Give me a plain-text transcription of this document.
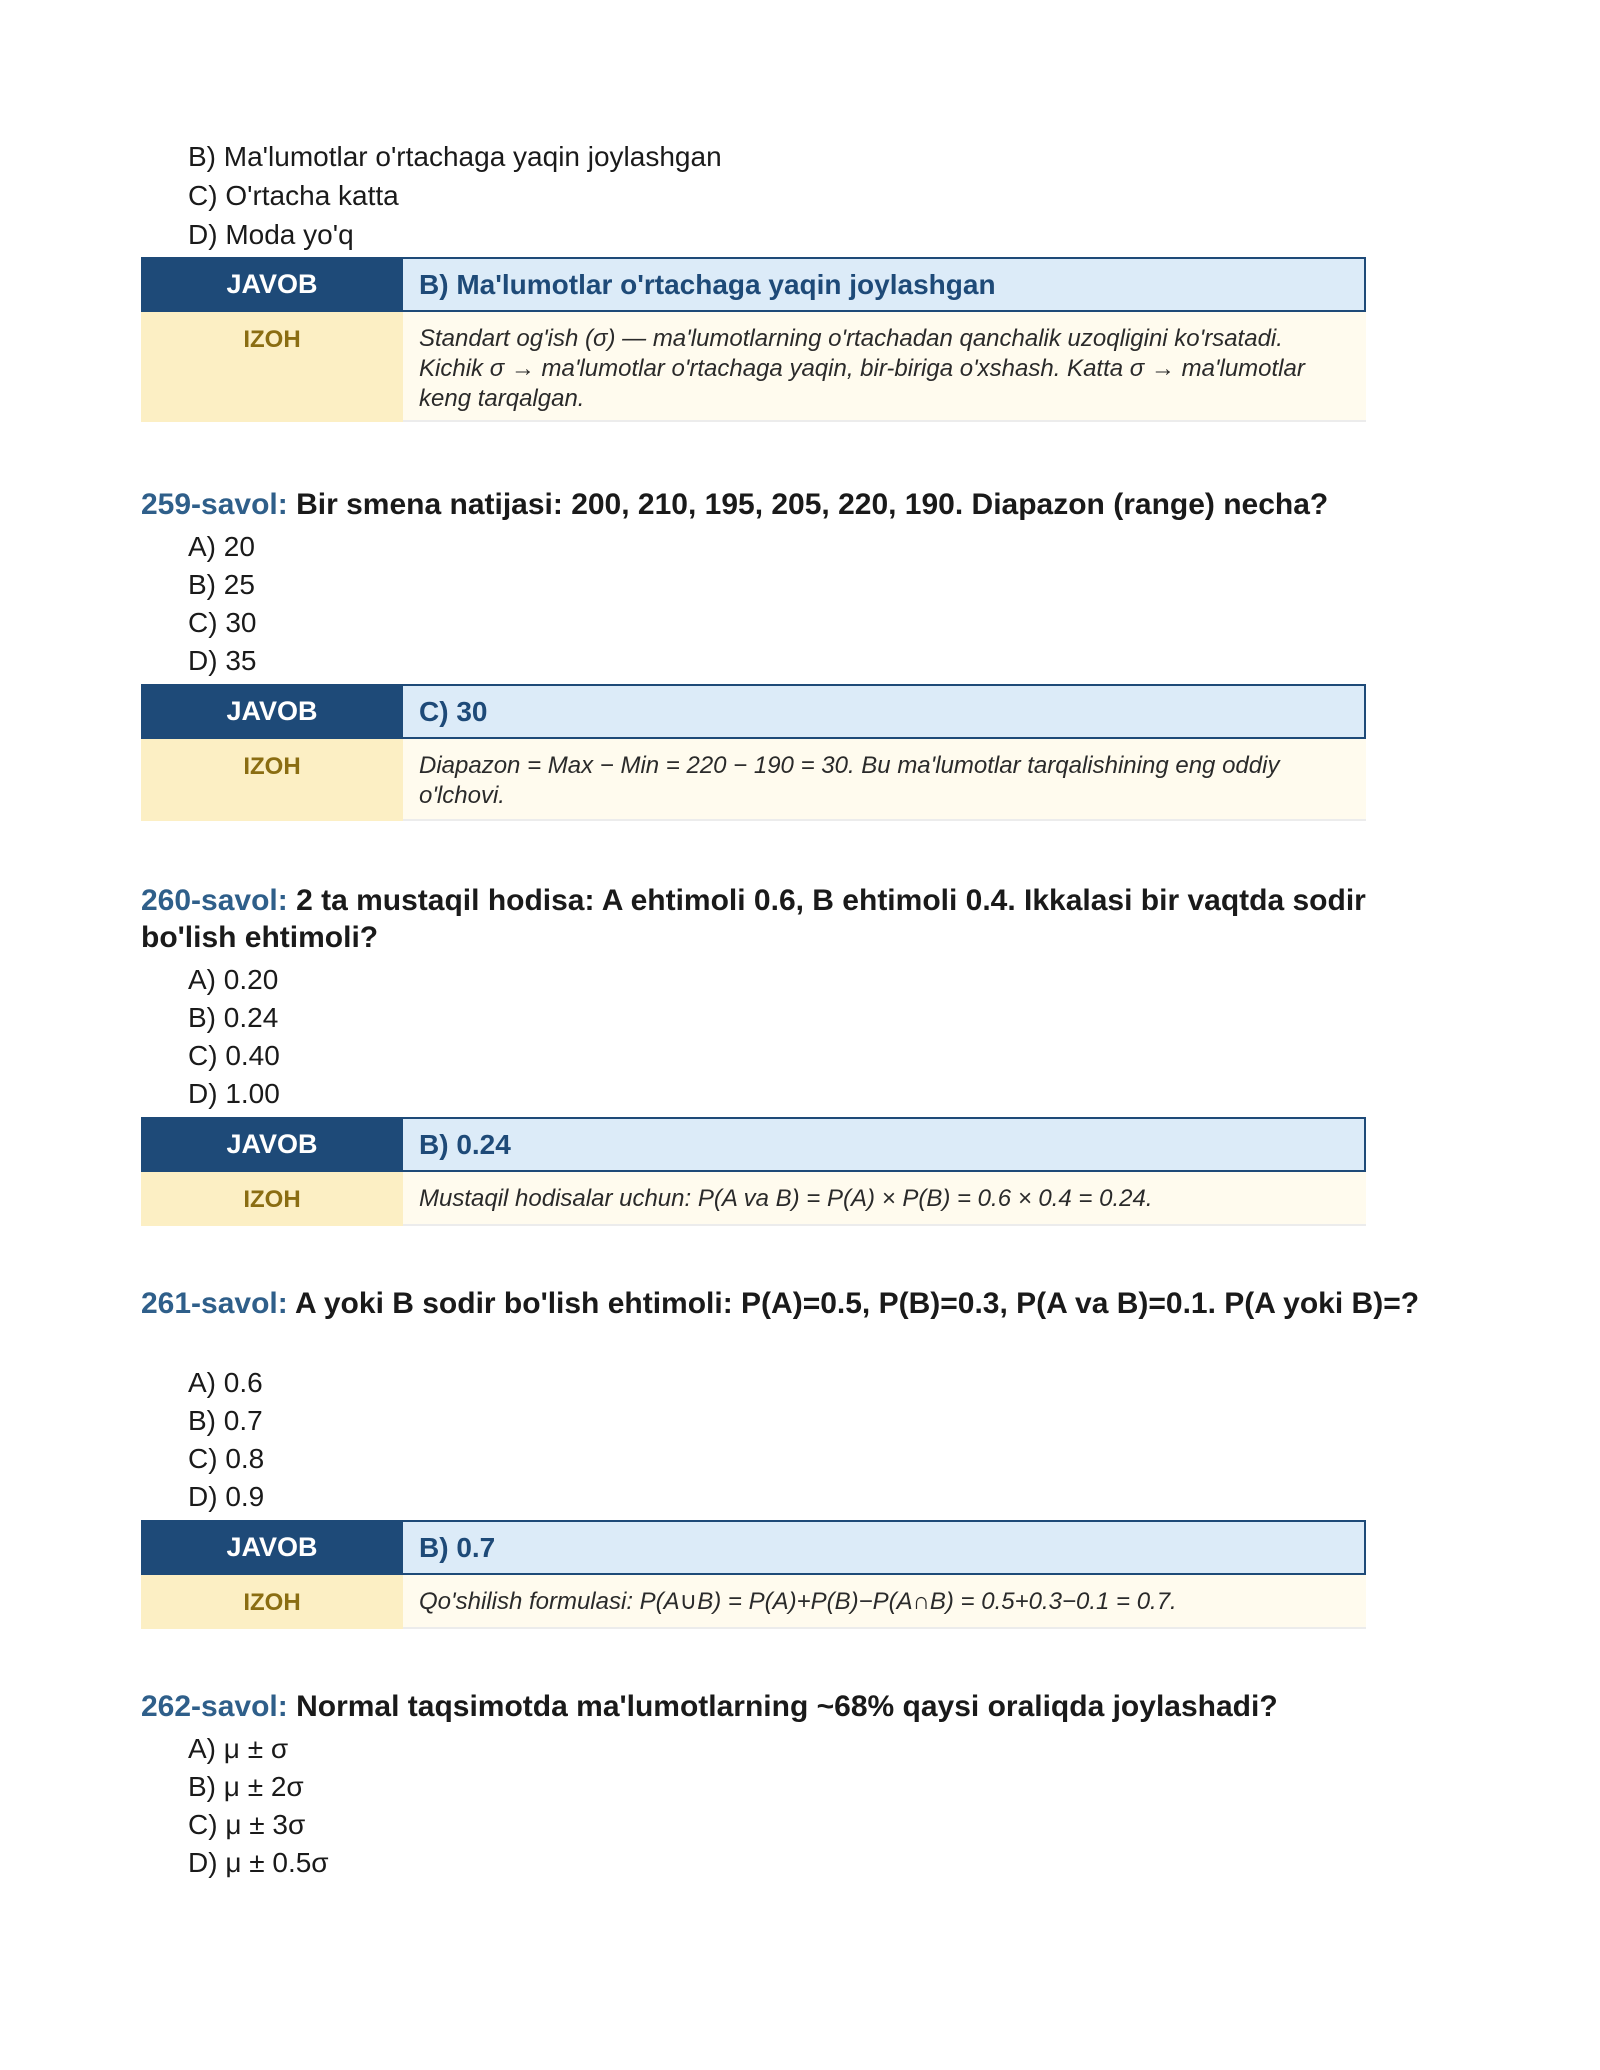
B) Ma'lumotlar o'rtachaga yaqin joylashgan
C) O'rtacha katta
D) Moda yo'q
JAVOB	B) Ma'lumotlar o'rtachaga yaqin joylashgan
IZOH	Standart og'ish (σ) — ma'lumotlarning o'rtachadan qanchalik uzoqligini ko'rsatadi. Kichik σ → ma'lumotlar o'rtachaga yaqin, bir-biriga o'xshash. Katta σ → ma'lumotlar keng tarqalgan.
259-savol: Bir smena natijasi: 200, 210, 195, 205, 220, 190. Diapazon (range) necha?
A) 20
B) 25
C) 30
D) 35
JAVOB	C) 30
IZOH	Diapazon = Max − Min = 220 − 190 = 30. Bu ma'lumotlar tarqalishining eng oddiy o'lchovi.
260-savol: 2 ta mustaqil hodisa: A ehtimoli 0.6, B ehtimoli 0.4. Ikkalasi bir vaqtda sodir bo'lish ehtimoli?
A) 0.20
B) 0.24
C) 0.40
D) 1.00
JAVOB	B) 0.24
IZOH	Mustaqil hodisalar uchun: P(A va B) = P(A) × P(B) = 0.6 × 0.4 = 0.24.
261-savol: A yoki B sodir bo'lish ehtimoli: P(A)=0.5, P(B)=0.3, P(A va B)=0.1. P(A yoki B)=?
A) 0.6
B) 0.7
C) 0.8
D) 0.9
JAVOB	B) 0.7
IZOH	Qo'shilish formulasi: P(A∪B) = P(A)+P(B)−P(A∩B) = 0.5+0.3−0.1 = 0.7.
262-savol: Normal taqsimotda ma'lumotlarning ~68% qaysi oraliqda joylashadi?
A) μ ± σ
B) μ ± 2σ
C) μ ± 3σ
D) μ ± 0.5σ
